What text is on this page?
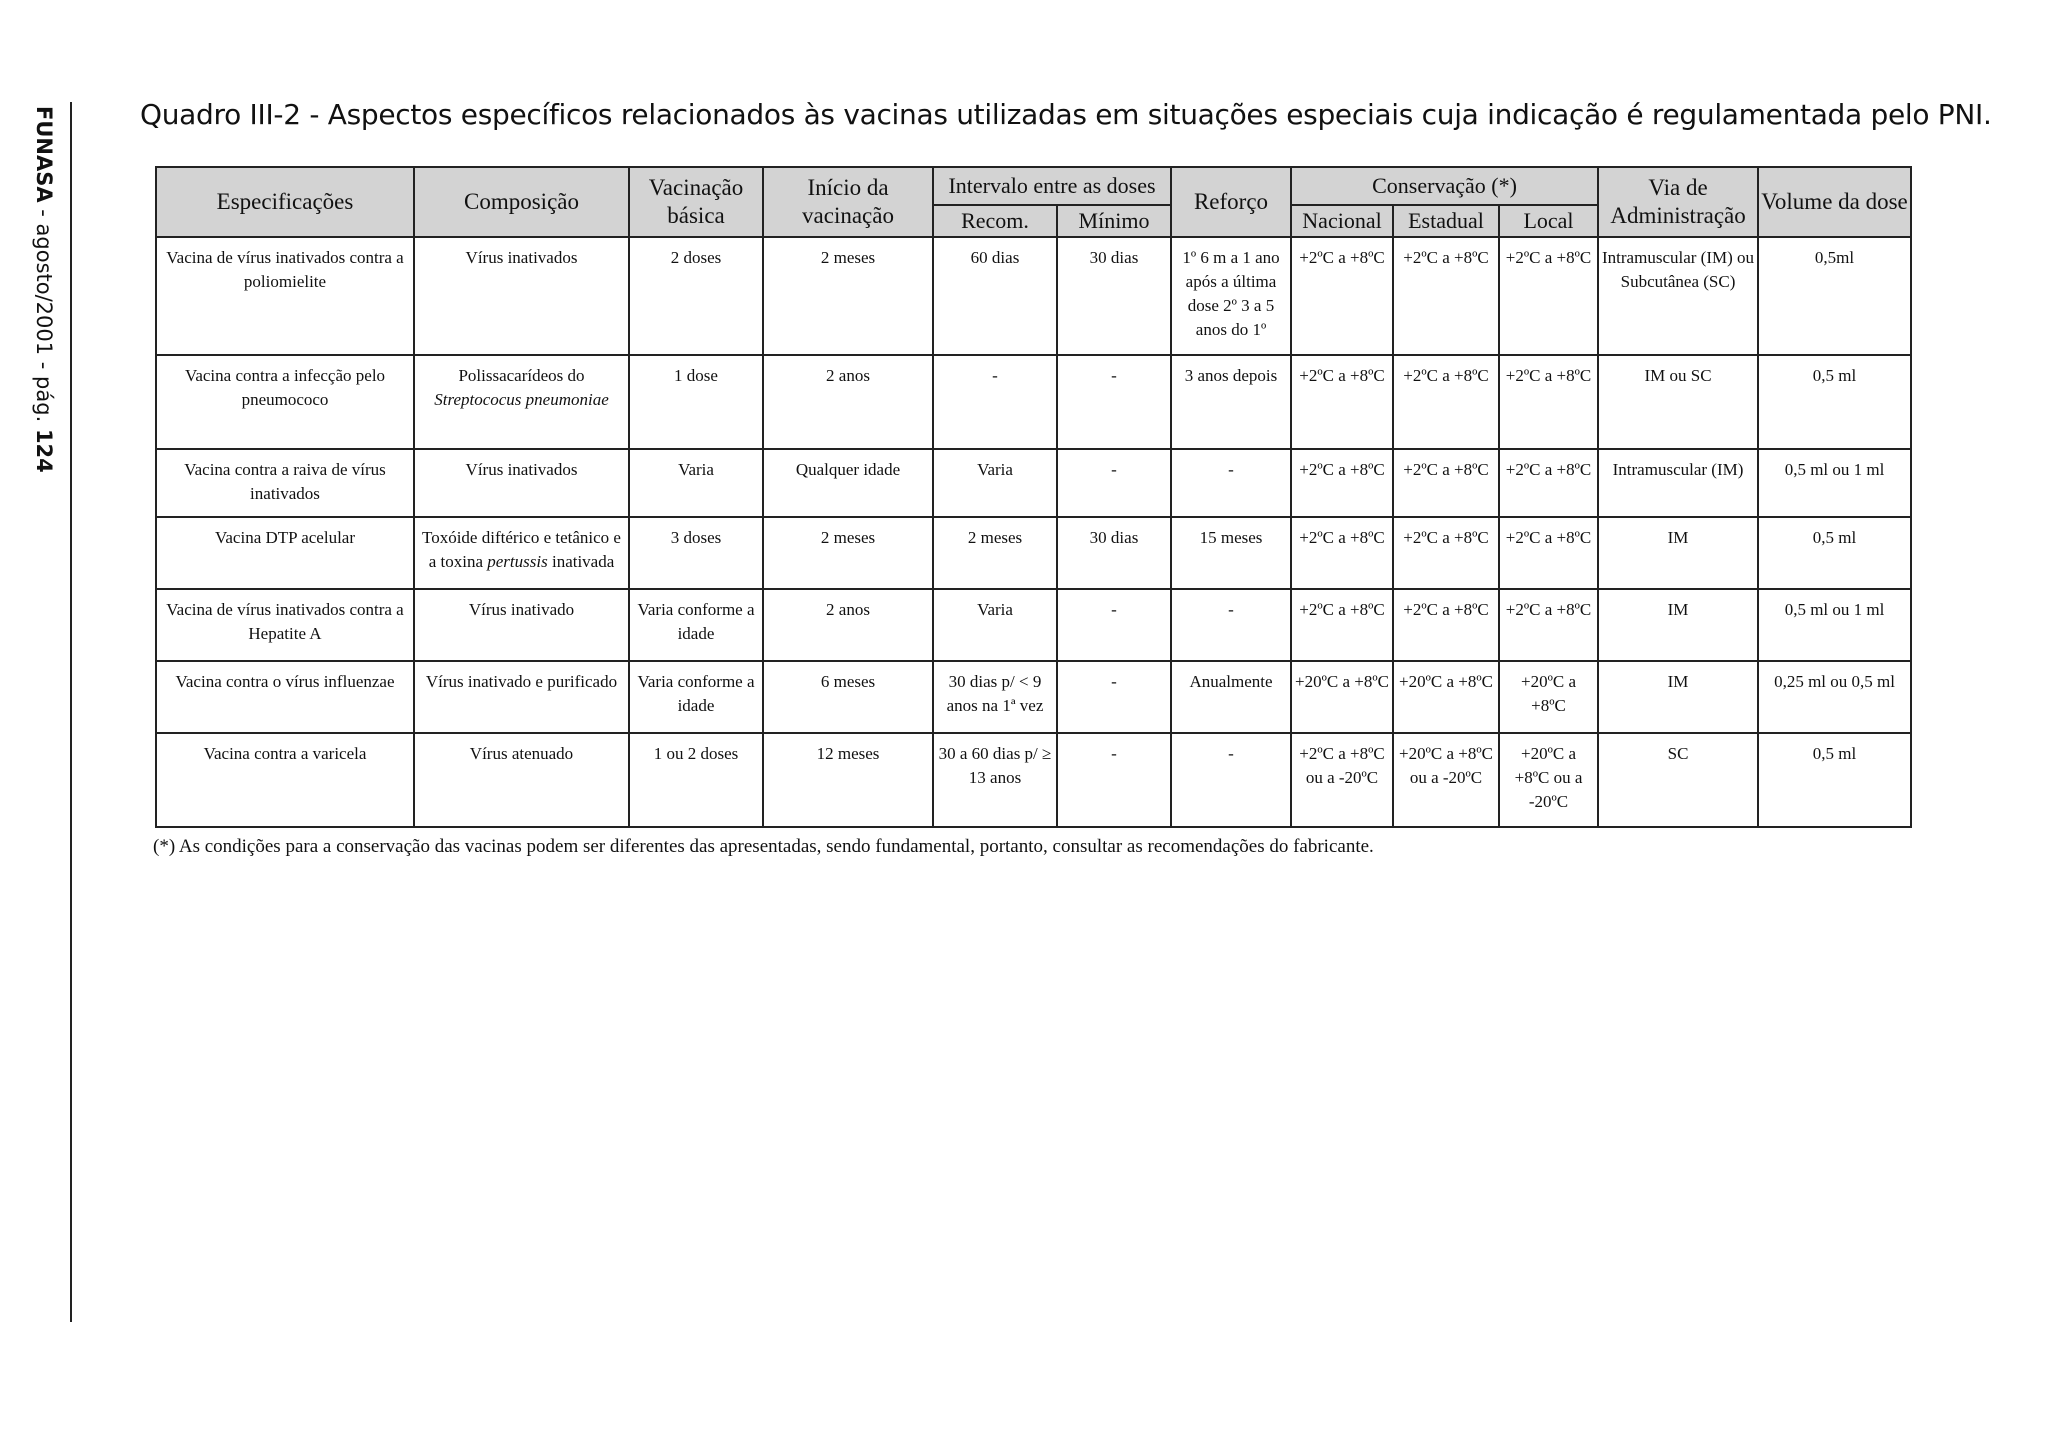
FUNASA - agosto/2001 - pág. 124
Quadro III-2 - Aspectos específicos relacionados às vacinas utilizadas em situações especiais cuja indicação é regulamentada pelo PNI.
Especificações	Composição	Vacinação básica	Início da vacinação	Intervalo entre as doses		Reforço	Conservação (*)			Via de Administração	Volume da dose
				Recom.	Mínimo		Nacional	Estadual	Local		
Vacina de vírus inativados contra a poliomielite	Vírus inativados	2 doses	2 meses	60 dias	30 dias	1º 6 m a 1 ano após a última dose 2º 3 a 5 anos do 1º	+2ºC a +8ºC	+2ºC a +8ºC	+2ºC a +8ºC	Intramuscular (IM) ou Subcutânea (SC)	0,5ml
Vacina contra a infecção pelo pneumococo	Polissacarídeos do Streptococus pneumoniae	1 dose	2 anos	-	-	3 anos depois	+2ºC a +8ºC	+2ºC a +8ºC	+2ºC a +8ºC	IM ou SC	0,5 ml
Vacina contra a raiva de vírus inativados	Vírus inativados	Varia	Qualquer idade	Varia	-	-	+2ºC a +8ºC	+2ºC a +8ºC	+2ºC a +8ºC	Intramuscular (IM)	0,5 ml ou 1 ml
Vacina DTP acelular	Toxóide diftérico e tetânico e a toxina pertussis inativada	3 doses	2 meses	2 meses	30 dias	15 meses	+2ºC a +8ºC	+2ºC a +8ºC	+2ºC a +8ºC	IM	0,5 ml
Vacina de vírus inativados contra a Hepatite A	Vírus inativado	Varia conforme a idade	2 anos	Varia	-	-	+2ºC a +8ºC	+2ºC a +8ºC	+2ºC a +8ºC	IM	0,5 ml ou 1 ml
Vacina contra o vírus influenzae	Vírus inativado e purificado	Varia conforme a idade	6 meses	30 dias p/ < 9 anos na 1ª vez	-	Anualmente	+20ºC a +8ºC	+20ºC a +8ºC	+20ºC a +8ºC	IM	0,25 ml ou 0,5 ml
Vacina contra a varicela	Vírus atenuado	1 ou 2 doses	12 meses	30 a 60 dias p/ ≥ 13 anos	-	-	+2ºC a +8ºC ou a -20ºC	+20ºC a +8ºC ou a -20ºC	+20ºC a +8ºC ou a -20ºC	SC	0,5 ml
(*) As condições para a conservação das vacinas podem ser diferentes das apresentadas, sendo fundamental, portanto, consultar as recomendações do fabricante.
